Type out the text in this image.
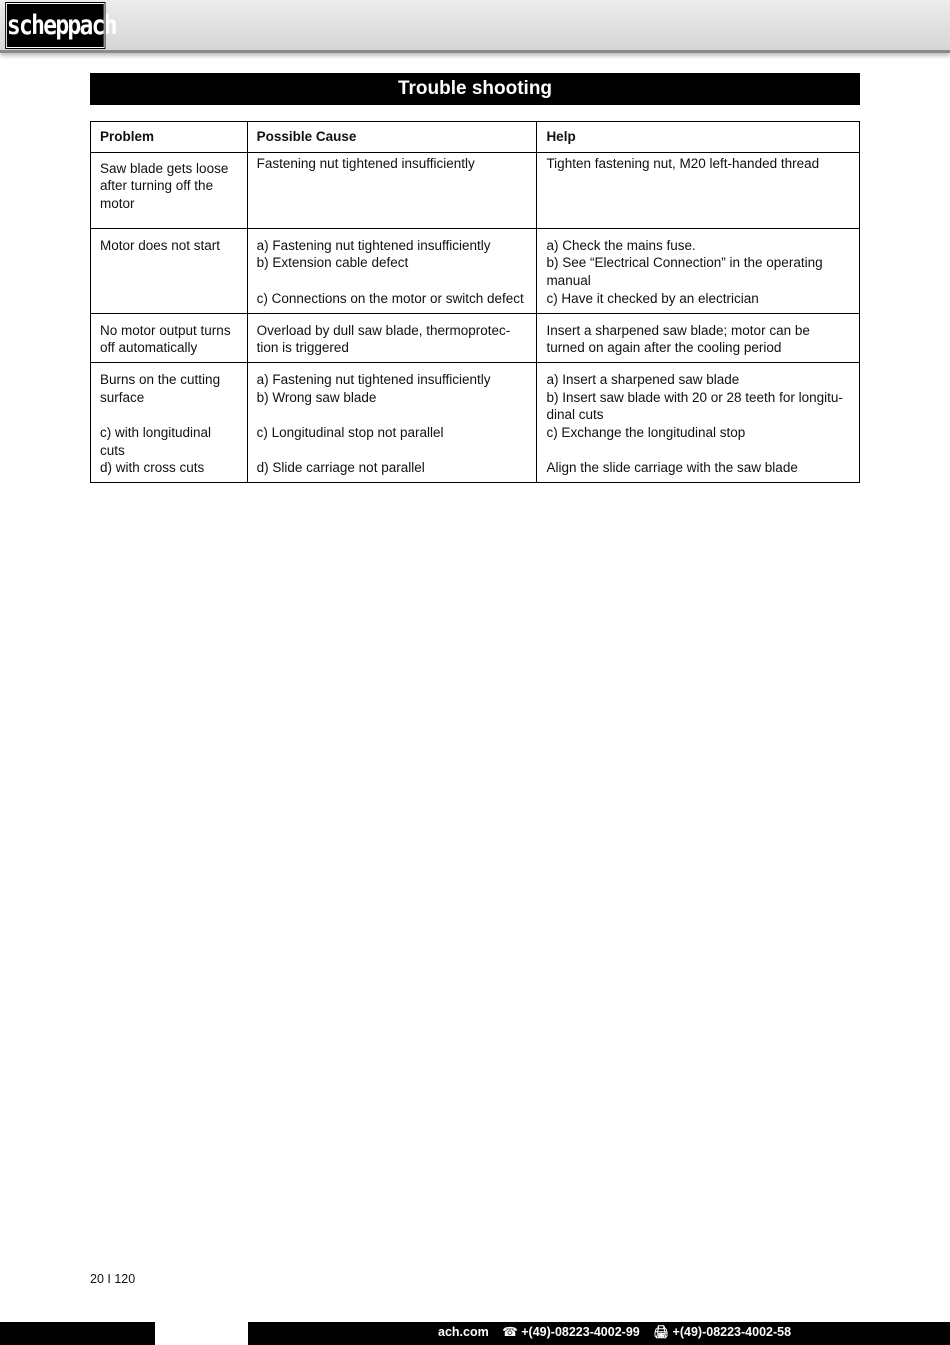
scheppach
Trouble shooting
Problem	Possible Cause	Help

Saw blade gets loose
after turning off the
motor	Fastening nut tightened insufficiently	Tighten fastening nut, M20 left-handed thread

Motor does not start	a) Fastening nut tightened insufficiently
b) Extension cable defect
c) Connections on the motor or switch defect	a) Check the mains fuse.
b) See “Electrical Connection” in the operating
manual
c) Have it checked by an electrician

No motor output turns
off automatically	Overload by dull saw blade, thermoprotec-
tion is triggered	Insert a sharpened saw blade; motor can be
turned on again after the cooling period

Burns on the cutting
surface
c) with longitudinal
cuts
d) with cross cuts	a) Fastening nut tightened insufficiently
b) Wrong saw blade
c) Longitudinal stop not parallel
d) Slide carriage not parallel	a) Insert a sharpened saw blade
b) Insert saw blade with 20 or 28 teeth for longitu-
dinal cuts
c) Exchange the longitudinal stop
Align the slide carriage with the saw blade
20 I 120
ach.com ☎ +(49)-08223-4002-99 🖨 +(49)-08223-4002-58
